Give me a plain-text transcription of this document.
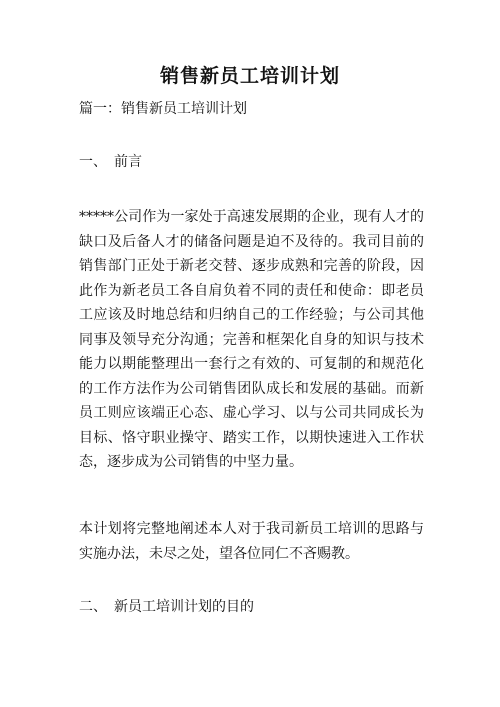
销售新员工培训计划
篇一：销售新员工培训计划
一、　前言
*****公司作为一家处于高速发展期的企业，现有人才的缺口及后备人才的储备问题是迫不及待的。我司目前的销售部门正处于新老交替、逐步成熟和完善的阶段，因此作为新老员工各自肩负着不同的责任和使命：即老员工应该及时地总结和归纳自己的工作经验；与公司其他同事及领导充分沟通；完善和框架化自身的知识与技术能力以期能整理出一套行之有效的、可复制的和规范化的工作方法作为公司销售团队成长和发展的基础。而新员工则应该端正心态、虚心学习、以与公司共同成长为目标、恪守职业操守、踏实工作，以期快速进入工作状态，逐步成为公司销售的中坚力量。
本计划将完整地阐述本人对于我司新员工培训的思路与实施办法，未尽之处，望各位同仁不吝赐教。
二、　新员工培训计划的目的
